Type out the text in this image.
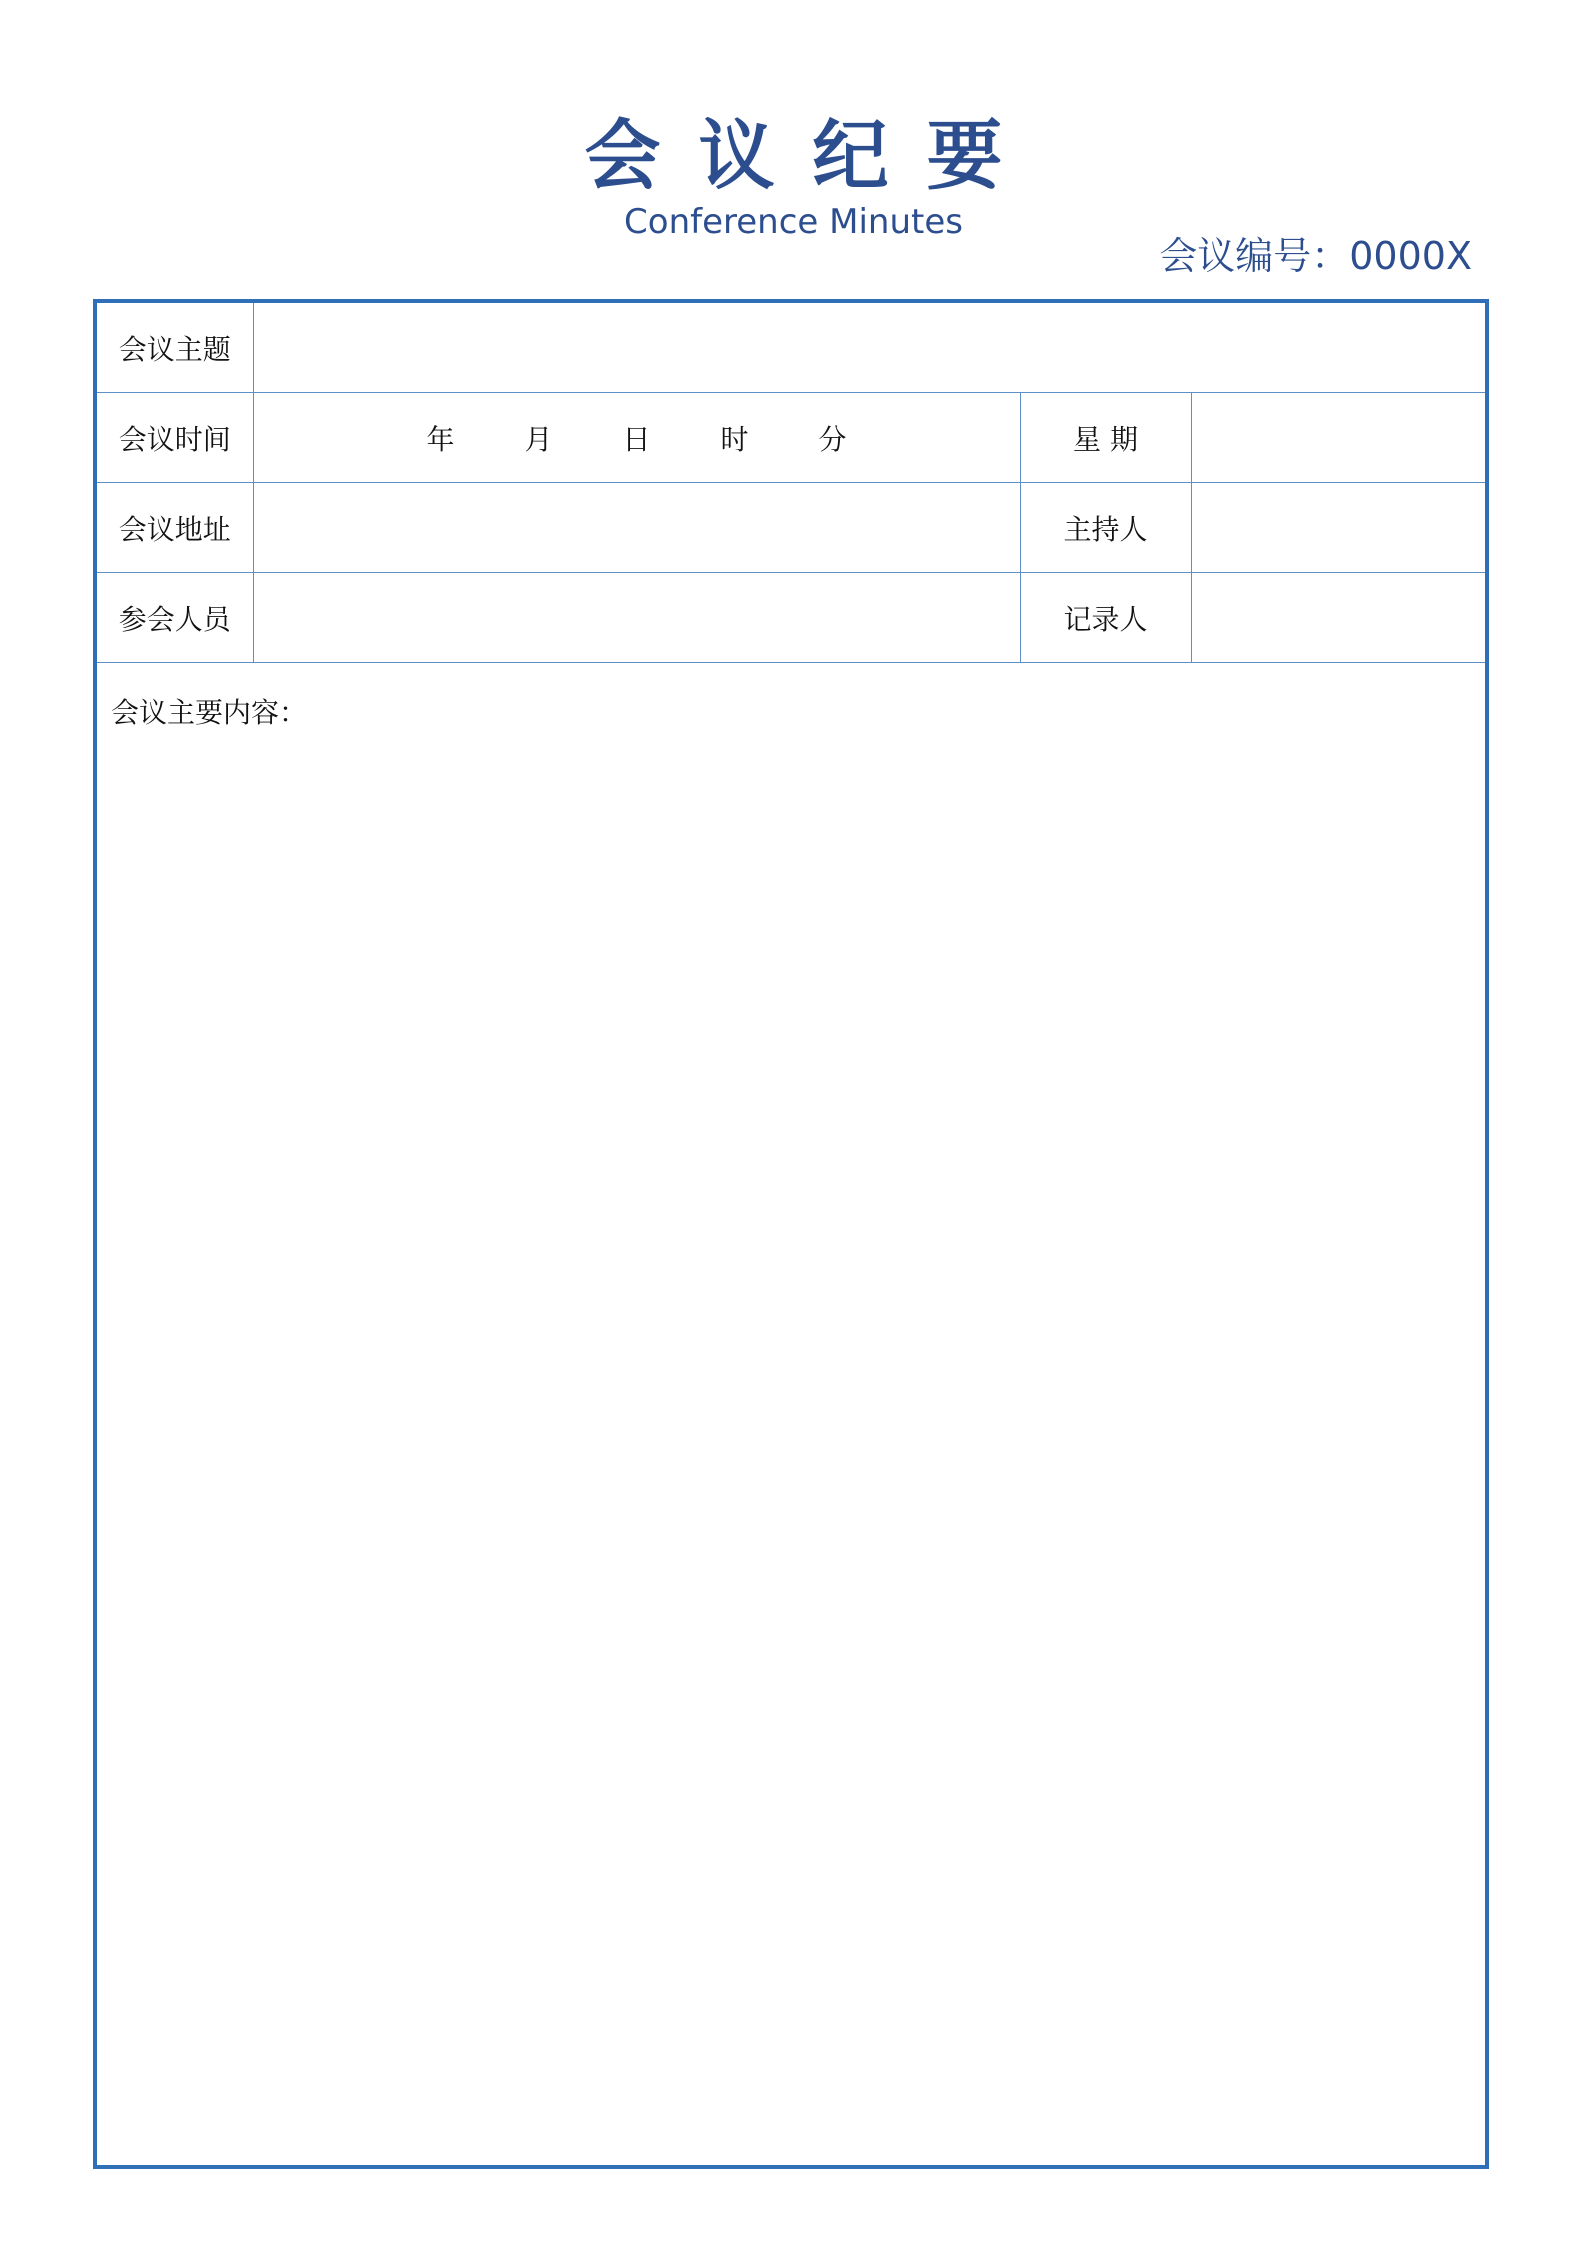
会议纪要
Conference Minutes
会议编号：0000X
会议主题			
会议时间	年 月 日 时 分	星 期	
会议地址		主持人	
参会人员		记录人	
会议主要内容：
